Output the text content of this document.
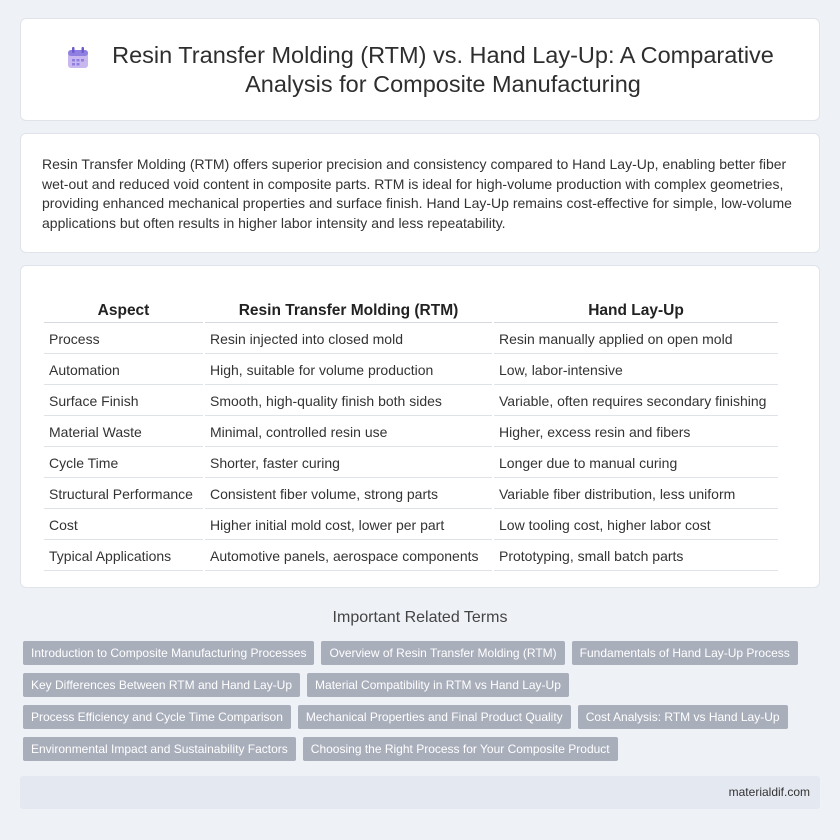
Resin Transfer Molding (RTM) vs. Hand Lay-Up: A Comparative Analysis for Composite Manufacturing

Resin Transfer Molding (RTM) offers superior precision and consistency compared to Hand Lay-Up, enabling better fiber wet-out and reduced void content in composite parts. RTM is ideal for high-volume production with complex geometries, providing enhanced mechanical properties and surface finish. Hand Lay-Up remains cost-effective for simple, low-volume applications but often results in higher labor intensity and less repeatability.

Aspect	Resin Transfer Molding (RTM)	Hand Lay-Up
Process	Resin injected into closed mold	Resin manually applied on open mold
Automation	High, suitable for volume production	Low, labor-intensive
Surface Finish	Smooth, high-quality finish both sides	Variable, often requires secondary finishing
Material Waste	Minimal, controlled resin use	Higher, excess resin and fibers
Cycle Time	Shorter, faster curing	Longer due to manual curing
Structural Performance	Consistent fiber volume, strong parts	Variable fiber distribution, less uniform
Cost	Higher initial mold cost, lower per part	Low tooling cost, higher labor cost
Typical Applications	Automotive panels, aerospace components	Prototyping, small batch parts
Important Related Terms
Introduction to Composite Manufacturing Processes	Overview of Resin Transfer Molding (RTM)	Fundamentals of Hand Lay-Up Process
Key Differences Between RTM and Hand Lay-Up	Material Compatibility in RTM vs Hand Lay-Up
Process Efficiency and Cycle Time Comparison	Mechanical Properties and Final Product Quality	Cost Analysis: RTM vs Hand Lay-Up
Environmental Impact and Sustainability Factors	Choosing the Right Process for Your Composite Product
materialdif.com
